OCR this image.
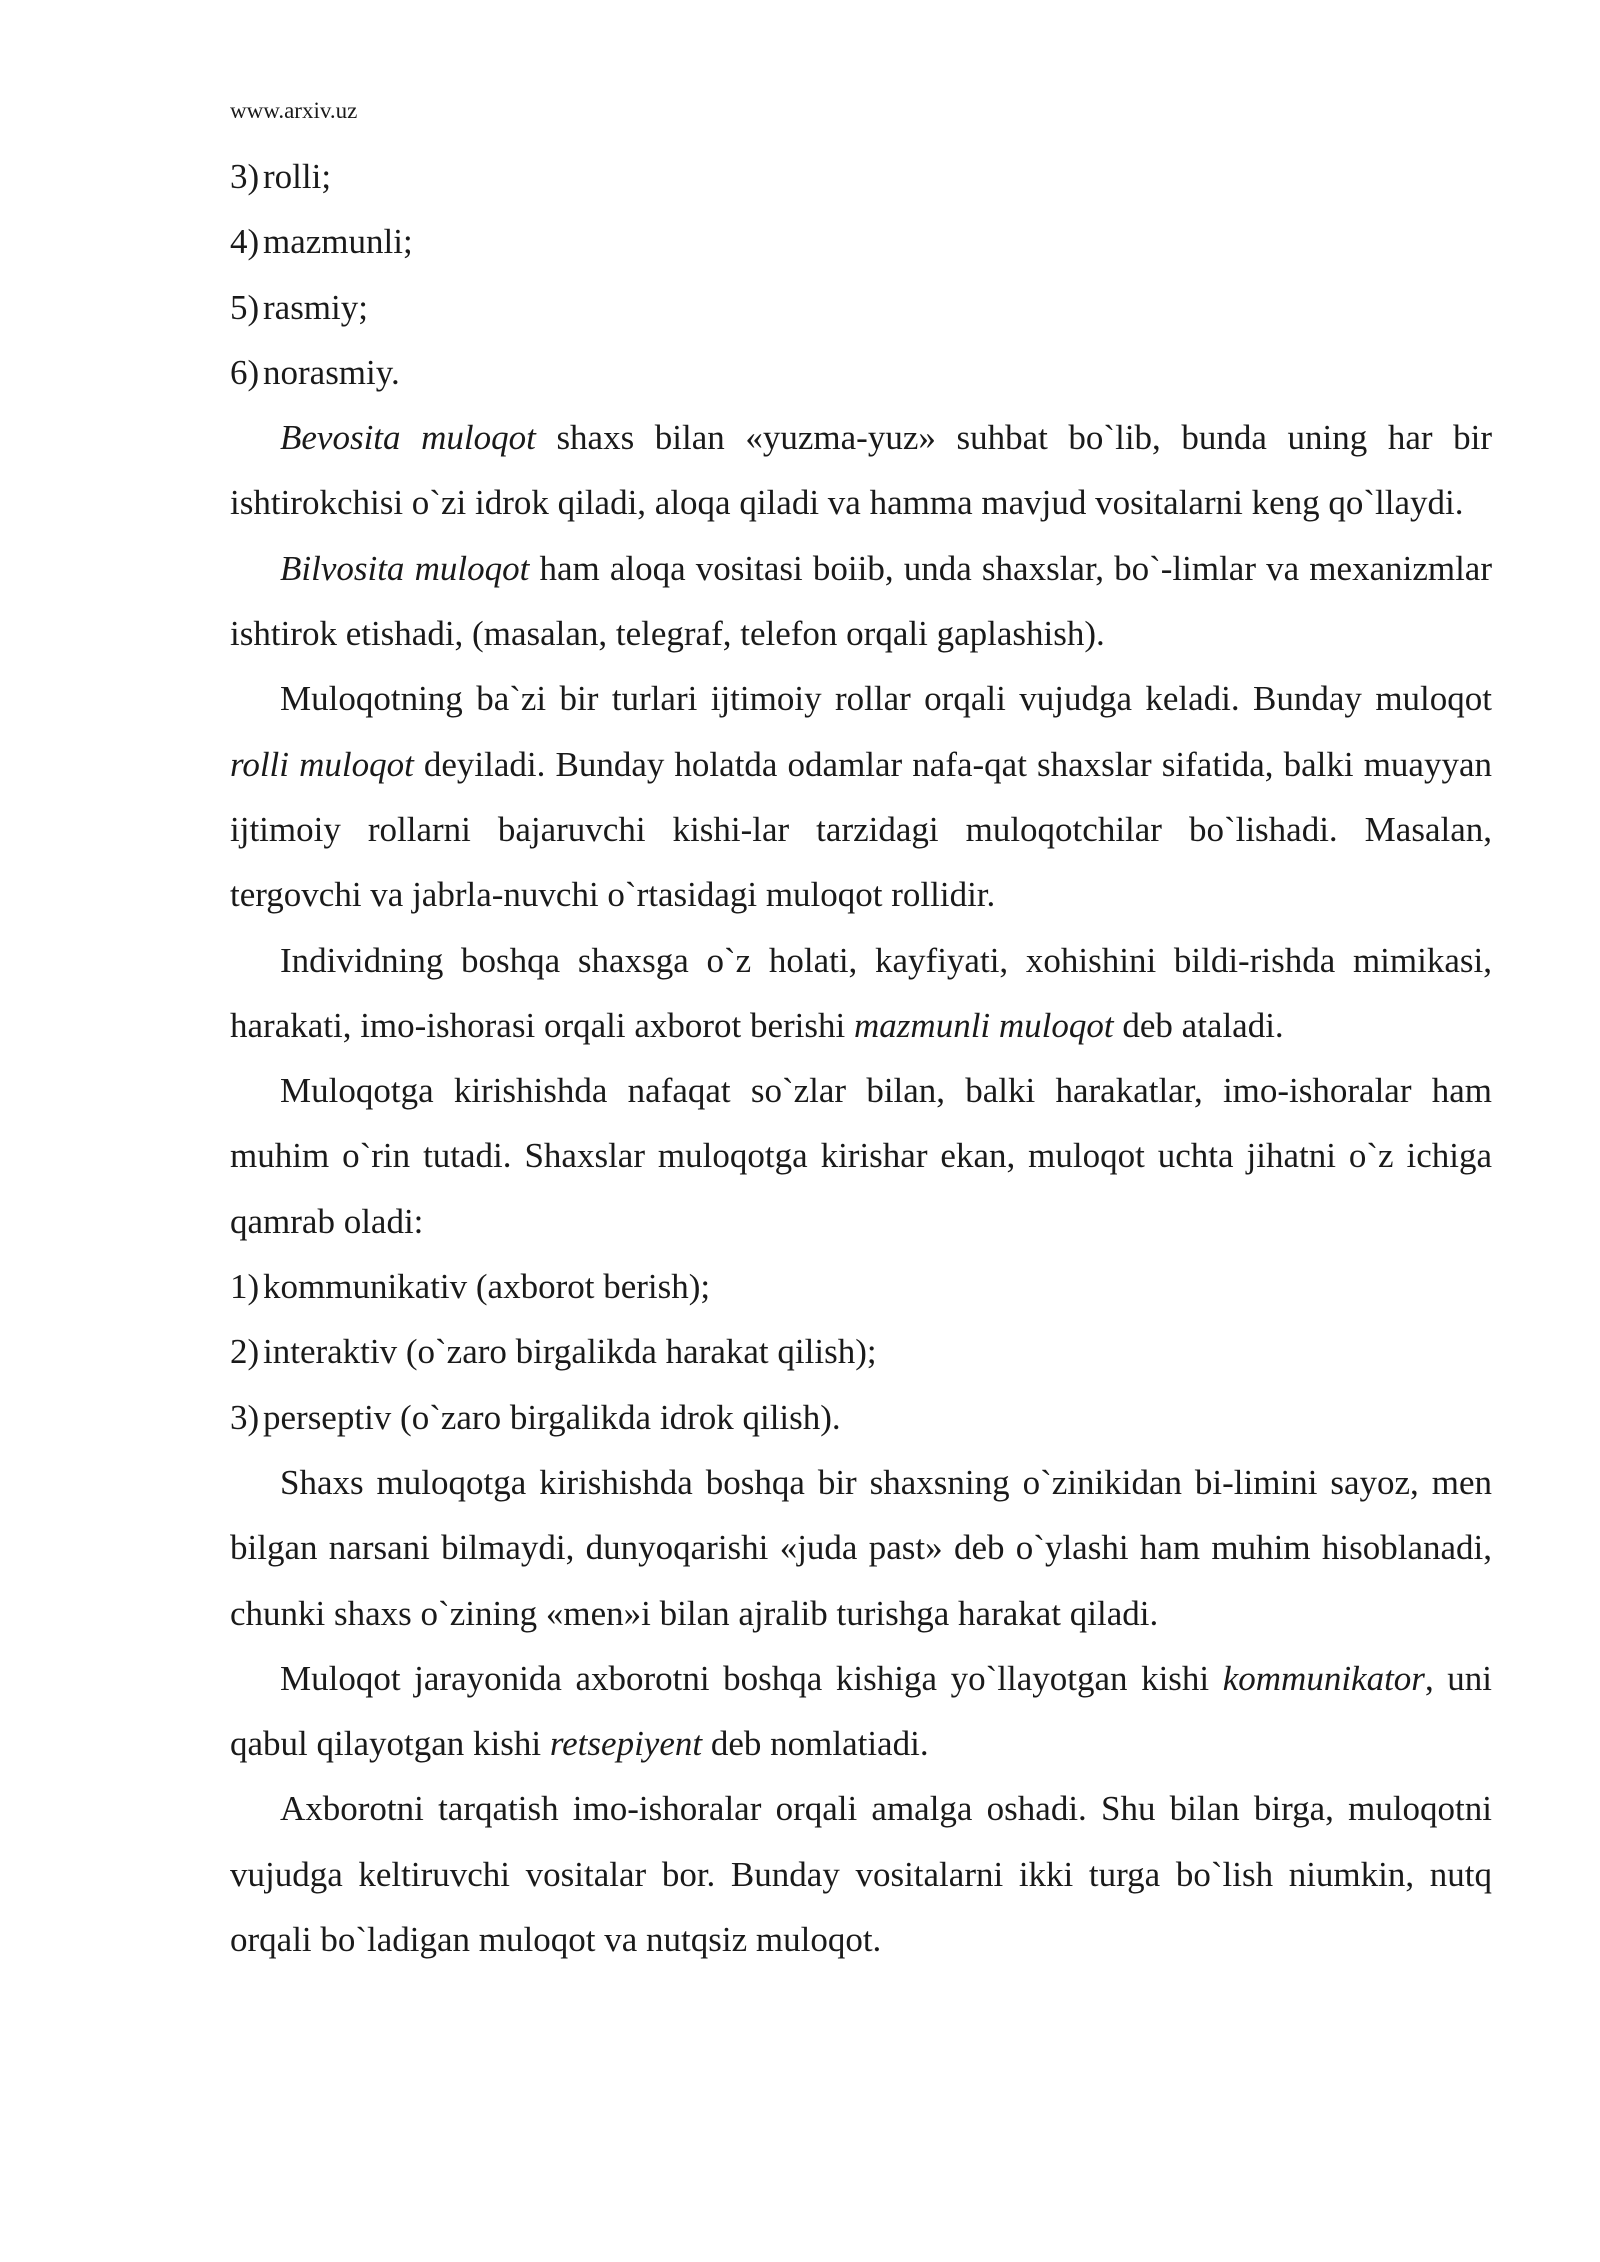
www.arxiv.uz
3) rolli;
4) mazmunli;
5) rasmiy;
6) norasmiy.

Bevosita muloqot shaxs bilan «yuzma-yuz» suhbat bo`lib, bunda uning har bir ishtirokchisi o`zi idrok qiladi, aloqa qiladi va hamma mavjud vositalarni keng qo`llaydi.

Bilvosita muloqot ham aloqa vositasi boiib, unda shaxslar, bo`-limlar va mexanizmlar ishtirok etishadi, (masalan, telegraf, telefon orqali gaplashish).

Muloqotning ba`zi bir turlari ijtimoiy rollar orqali vujudga keladi. Bunday muloqot rolli muloqot deyiladi. Bunday holatda odamlar nafa-qat shaxslar sifatida, balki muayyan ijtimoiy rollarni bajaruvchi kishi-lar tarzidagi muloqotchilar bo`lishadi. Masalan, tergovchi va jabrla-nuvchi o`rtasidagi muloqot rollidir.

Individning boshqa shaxsga o`z holati, kayfiyati, xohishini bildi-rishda mimikasi, harakati, imo-ishorasi orqali axborot berishi mazmunli muloqot deb ataladi.

Muloqotga kirishishda nafaqat so`zlar bilan, balki harakatlar, imo-ishoralar ham muhim o`rin tutadi. Shaxslar muloqotga kirishar ekan, muloqot uchta jihatni o`z ichiga qamrab oladi:

1) kommunikativ (axborot berish);
2) interaktiv (o`zaro birgalikda harakat qilish);
3) perseptiv (o`zaro birgalikda idrok qilish).

Shaxs muloqotga kirishishda boshqa bir shaxsning o`zinikidan bi-limini sayoz, men bilgan narsani bilmaydi, dunyoqarishi «juda past» deb o`ylashi ham muhim hisoblanadi, chunki shaxs o`zining «men»i bilan ajralib turishga harakat qiladi.

Muloqot jarayonida axborotni boshqa kishiga yo`llayotgan kishi kommunikator, uni qabul qilayotgan kishi retsepiyent deb nomlatiadi.

Axborotni tarqatish imo-ishoralar orqali amalga oshadi. Shu bilan birga, muloqotni vujudga keltiruvchi vositalar bor. Bunday vositalarni ikki turga bo`lish niumkin, nutq orqali bo`ladigan muloqot va nutqsiz muloqot.
